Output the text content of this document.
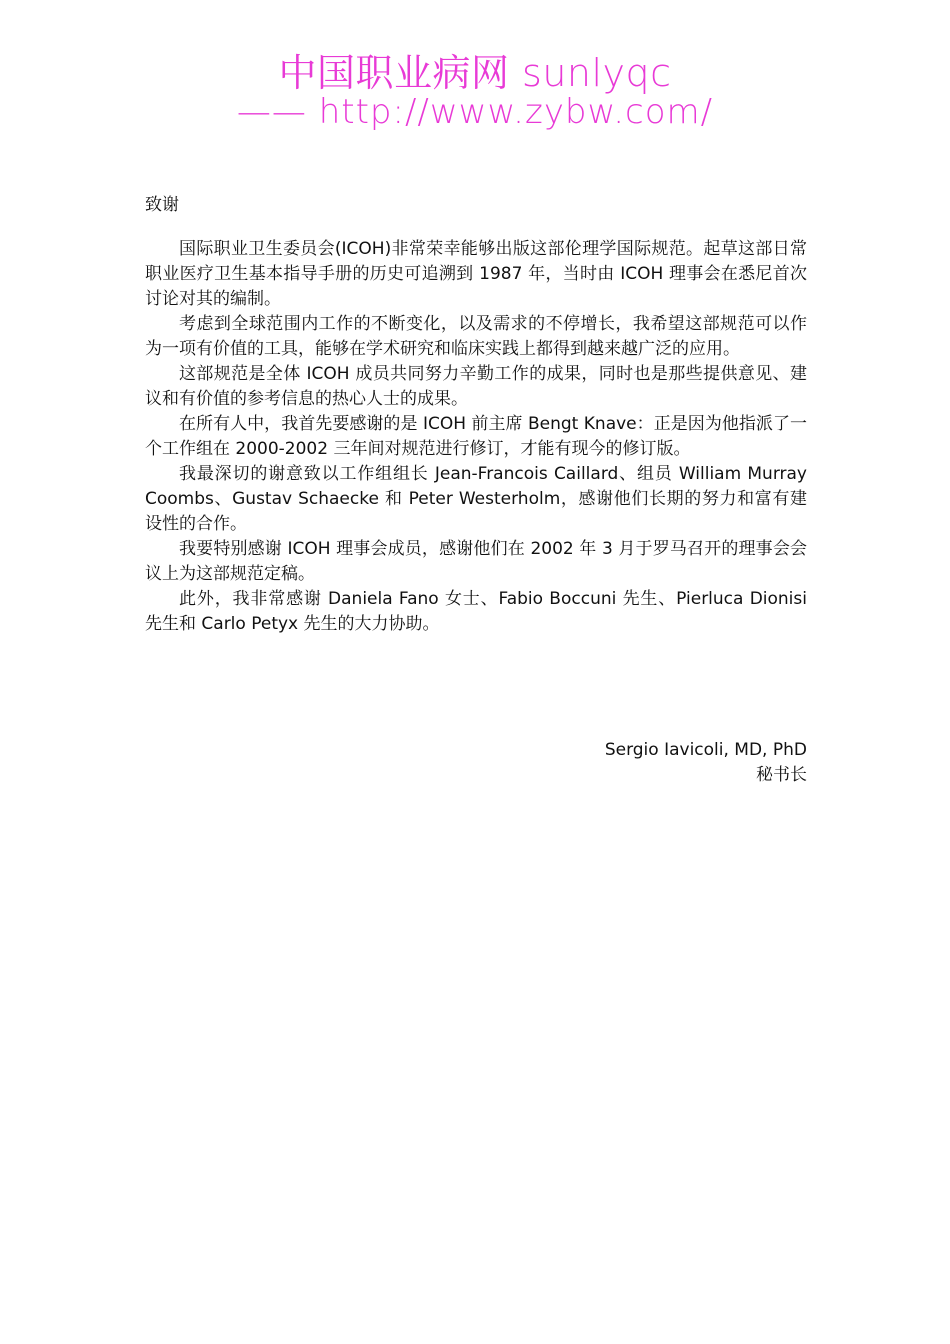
中国职业病网 sunlyqc
—— http://www.zybw.com/
致谢

国际职业卫生委员会(ICOH)非常荣幸能够出版这部伦理学国际规范。起草这部日常职业医疗卫生基本指导手册的历史可追溯到 1987 年，当时由 ICOH 理事会在悉尼首次讨论对其的编制。

考虑到全球范围内工作的不断变化，以及需求的不停增长，我希望这部规范可以作为一项有价值的工具，能够在学术研究和临床实践上都得到越来越广泛的应用。

这部规范是全体 ICOH 成员共同努力辛勤工作的成果，同时也是那些提供意见、建议和有价值的参考信息的热心人士的成果。

在所有人中，我首先要感谢的是 ICOH 前主席 Bengt Knave：正是因为他指派了一个工作组在 2000-2002 三年间对规范进行修订，才能有现今的修订版。

我最深切的谢意致以工作组组长 Jean-Francois Caillard、组员 William Murray Coombs、Gustav Schaecke 和 Peter Westerholm，感谢他们长期的努力和富有建设性的合作。

我要特别感谢 ICOH 理事会成员，感谢他们在 2002 年 3 月于罗马召开的理事会会议上为这部规范定稿。

此外，我非常感谢 Daniela Fano 女士、Fabio Boccuni 先生、Pierluca Dionisi 先生和 Carlo Petyx 先生的大力协助。

Sergio Iavicoli, MD, PhD
秘书长
